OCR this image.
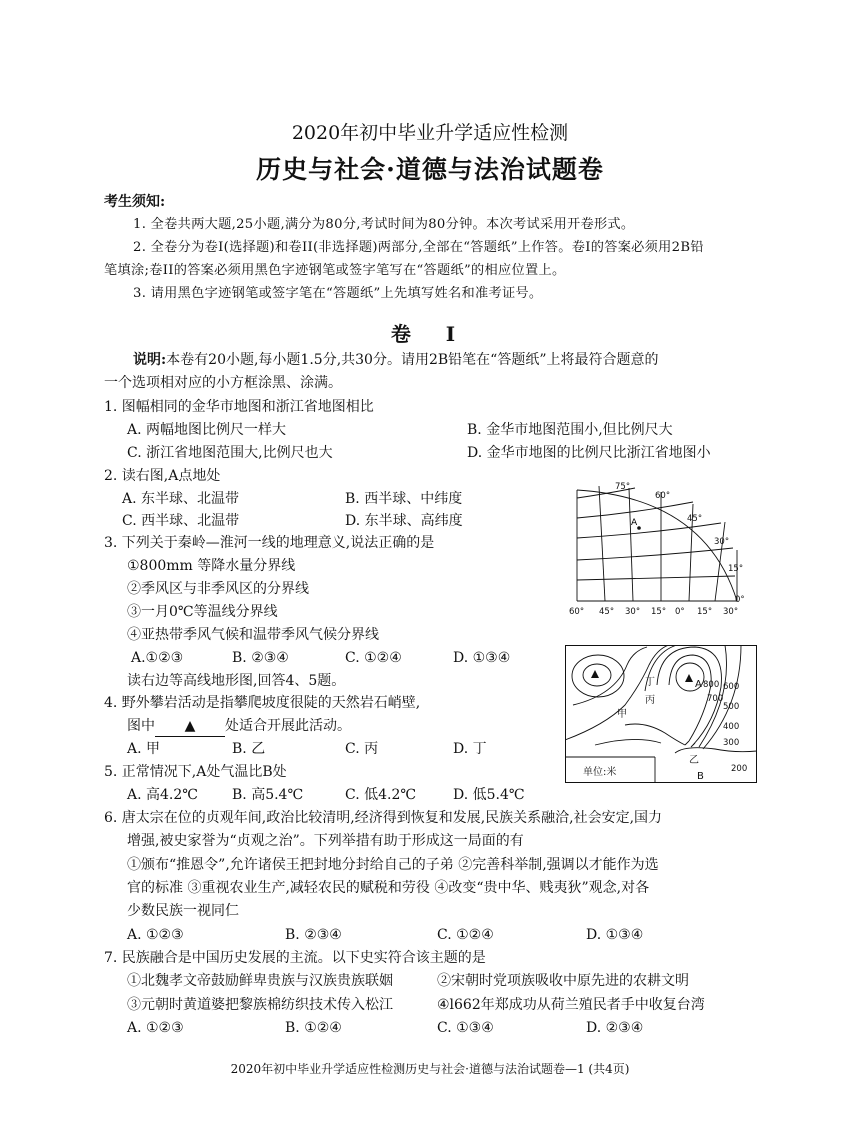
2020年初中毕业升学适应性检测
历史与社会·道德与法治试题卷
考生须知:
1. 全卷共两大题,25小题,满分为80分,考试时间为80分钟。本次考试采用开卷形式。
2. 全卷分为卷I(选择题)和卷II(非选择题)两部分,全部在“答题纸”上作答。卷I的答案必须用2B铅
笔填涂;卷II的答案必须用黑色字迹钢笔或签字笔写在“答题纸”的相应位置上。
3. 请用黑色字迹钢笔或签字笔在“答题纸”上先填写姓名和准考证号。
卷 I
说明:本卷有20小题,每小题1.5分,共30分。请用2B铅笔在“答题纸”上将最符合题意的
一个选项相对应的小方框涂黑、涂满。
1. 图幅相同的金华市地图和浙江省地图相比
A. 两幅地图比例尺一样大	B. 金华市地图范围小,但比例尺大
C. 浙江省地图范围大,比例尺也大	D. 金华市地图的比例尺比浙江省地图小
2. 读右图,A点地处
A. 东半球、北温带	B. 西半球、中纬度
C. 西半球、北温带	D. 东半球、高纬度
3. 下列关于秦岭—淮河一线的地理意义,说法正确的是
①800mm 等降水量分界线
②季风区与非季风区的分界线
③一月0℃等温线分界线
④亚热带季风气候和温带季风气候分界线
A.①②③	B. ②③④	C. ①②④	D. ①③④
读右边等高线地形图,回答4、5题。
4. 野外攀岩活动是指攀爬坡度很陡的天然岩石峭壁,
图中 ▲ 处适合开展此活动。
A. 甲	B. 乙	C. 丙	D. 丁
5. 正常情况下,A处气温比B处
A. 高4.2℃ B. 高5.4℃	C. 低4.2℃	D. 低5.4℃
6. 唐太宗在位的贞观年间,政治比较清明,经济得到恢复和发展,民族关系融洽,社会安定,国力
增强,被史家誉为“贞观之治”。下列举措有助于形成这一局面的有
①颁布“推恩令”,允许诸侯王把封地分封给自己的子弟 ②完善科举制,强调以才能作为选
官的标准 ③重视农业生产,减轻农民的赋税和劳役 ④改变“贵中华、贱夷狄”观念,对各
少数民族一视同仁
A. ①②③	B. ②③④	C. ①②④	D. ①③④
7. 民族融合是中国历史发展的主流。以下史实符合该主题的是
①北魏孝文帝鼓励鲜卑贵族与汉族贵族联姻	②宋朝时党项族吸收中原先进的农耕文明
③元朝时黄道婆把黎族棉纺织技术传入松江	④l662年郑成功从荷兰殖民者手中收复台湾
A. ①②③	B. ①②④	C. ①③④	D. ②③④
A
75°
60°
45°
30°
15°
0°
60° 45° 30° 15° 0° 15° 30°
A 800
丁
甲
丙
乙
B
600
700
500
400
300
200
单位:米
2020年初中毕业升学适应性检测历史与社会·道德与法治试题卷—1 (共4页)
